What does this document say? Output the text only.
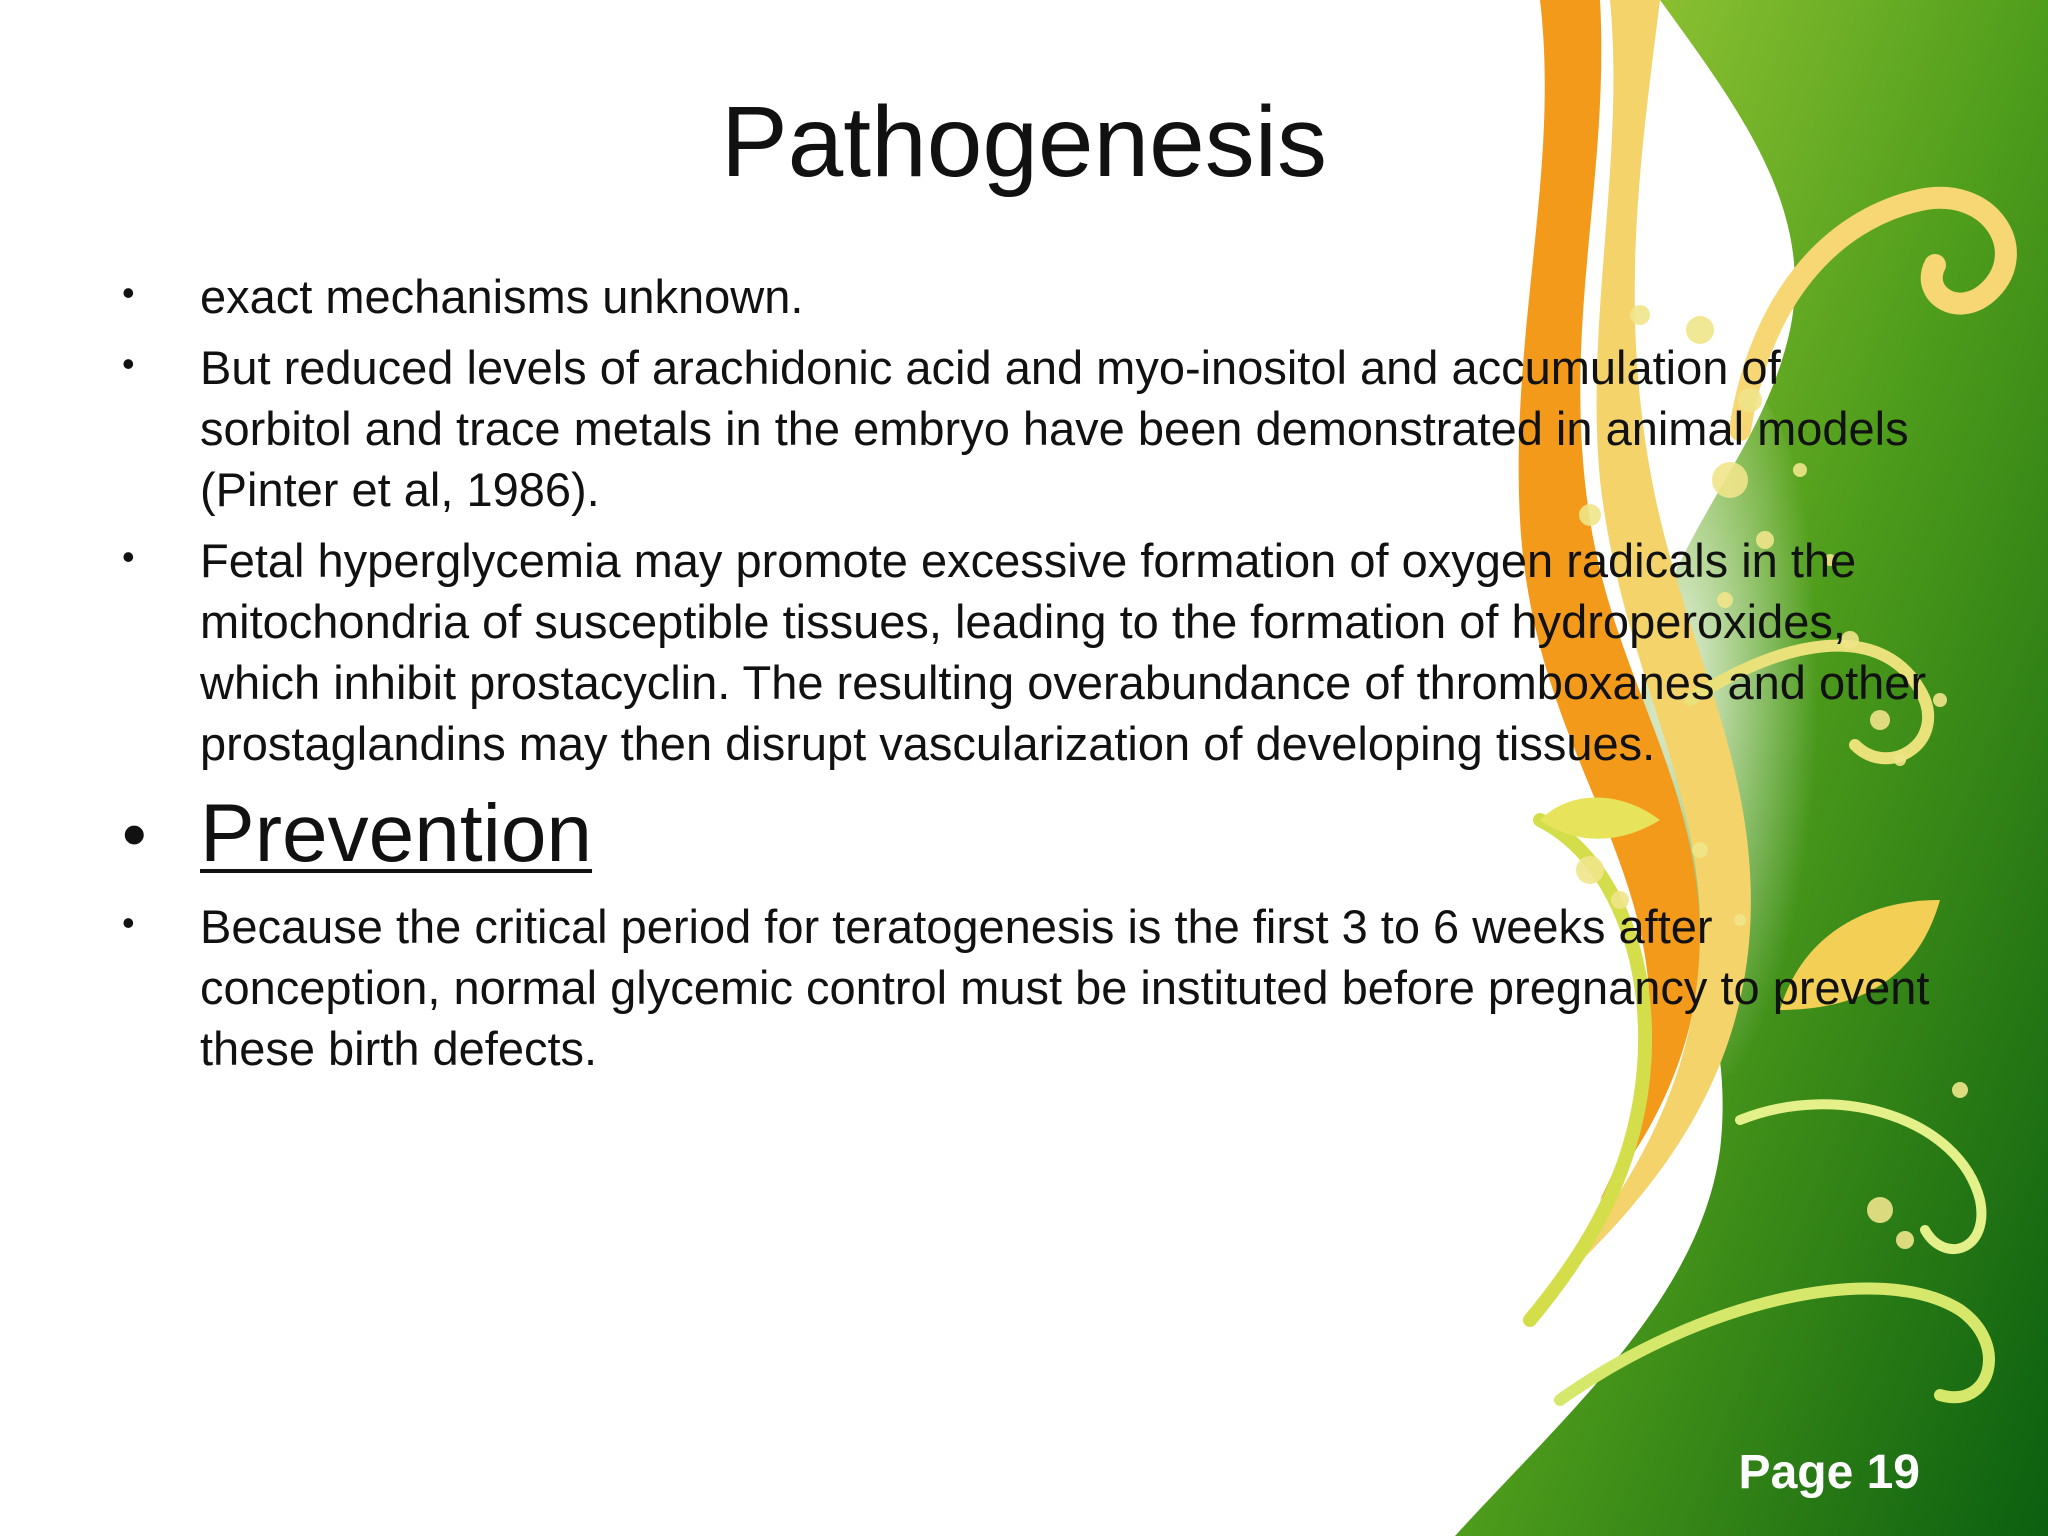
Pathogenesis
• exact mechanisms unknown.
• But reduced levels of arachidonic acid and myo-inositol and accumulation of sorbitol and trace metals in the embryo have been demonstrated in animal models (Pinter et al, 1986).
• Fetal hyperglycemia may promote excessive formation of oxygen radicals in the mitochondria of susceptible tissues, leading to the formation of hydroperoxides, which inhibit prostacyclin. The resulting overabundance of thromboxanes and other prostaglandins may then disrupt vascularization of developing tissues.
• Prevention
• Because the critical period for teratogenesis is the first 3 to 6 weeks after conception, normal glycemic control must be instituted before pregnancy to prevent these birth defects.
Page 19
